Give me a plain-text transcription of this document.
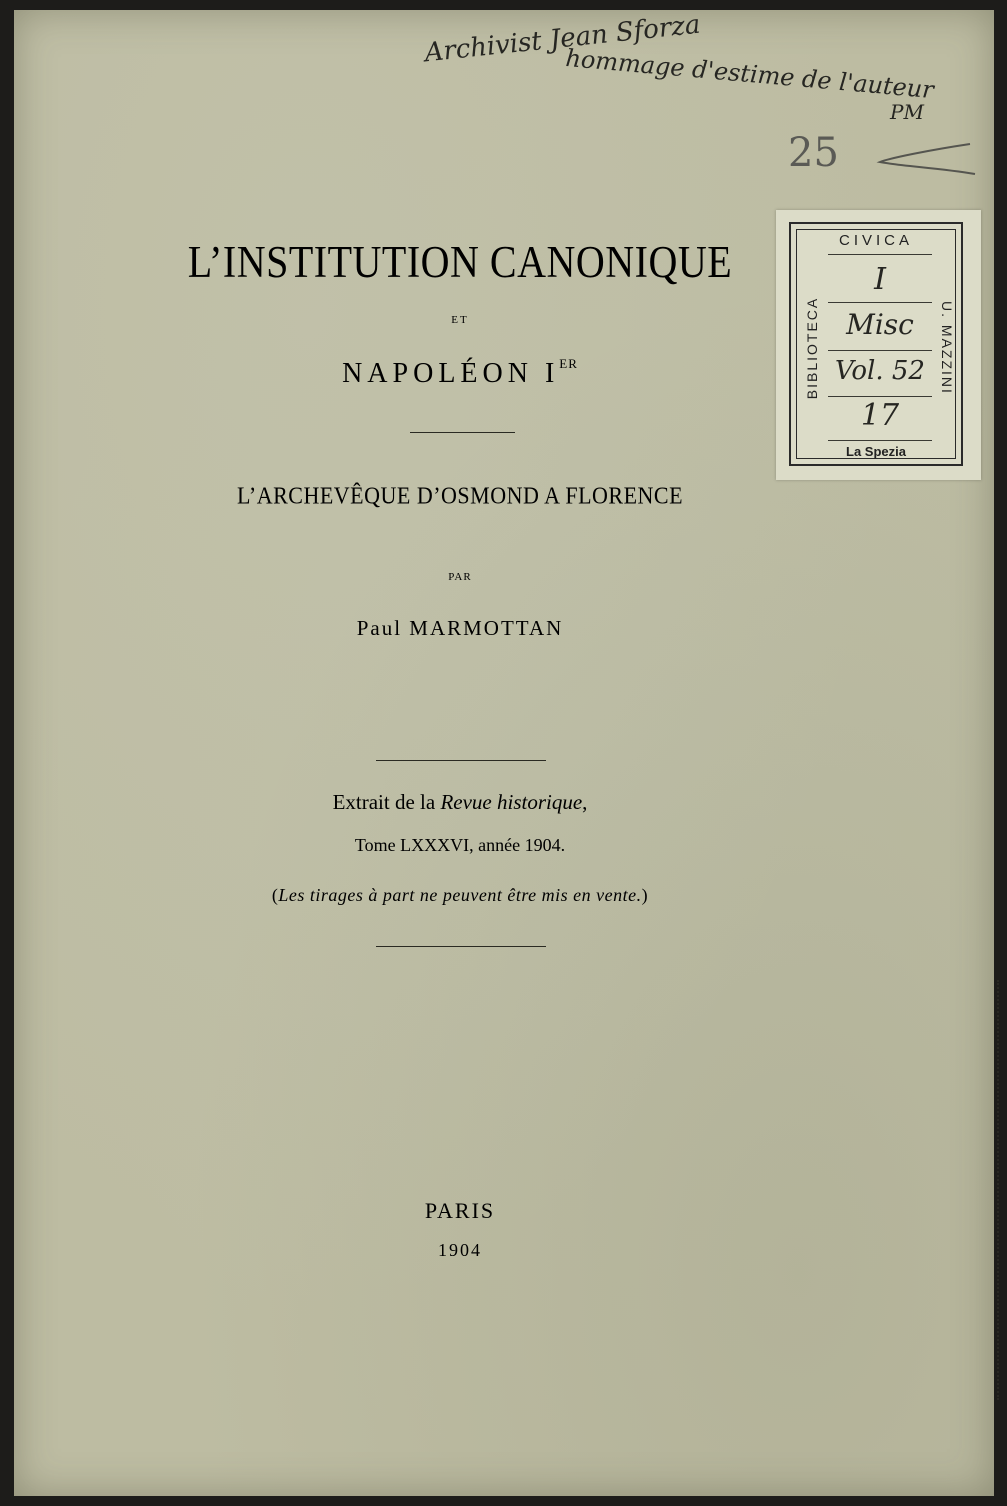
Archivist Jean Sforza
hommage d'estime de l'auteur
PM
25
CIVICA
BIBLIOTECA	U. MAZZINI
La Spezia
I
Misc
Vol. 52
17
L’INSTITUTION CANONIQUE
ET
NAPOLÉON IER
L’ARCHEVÊQUE D’OSMOND A FLORENCE
PAR
Paul MARMOTTAN
Extrait de la Revue historique,
Tome LXXXVI, année 1904.
(Les tirages à part ne peuvent être mis en vente.)
PARIS
1904
